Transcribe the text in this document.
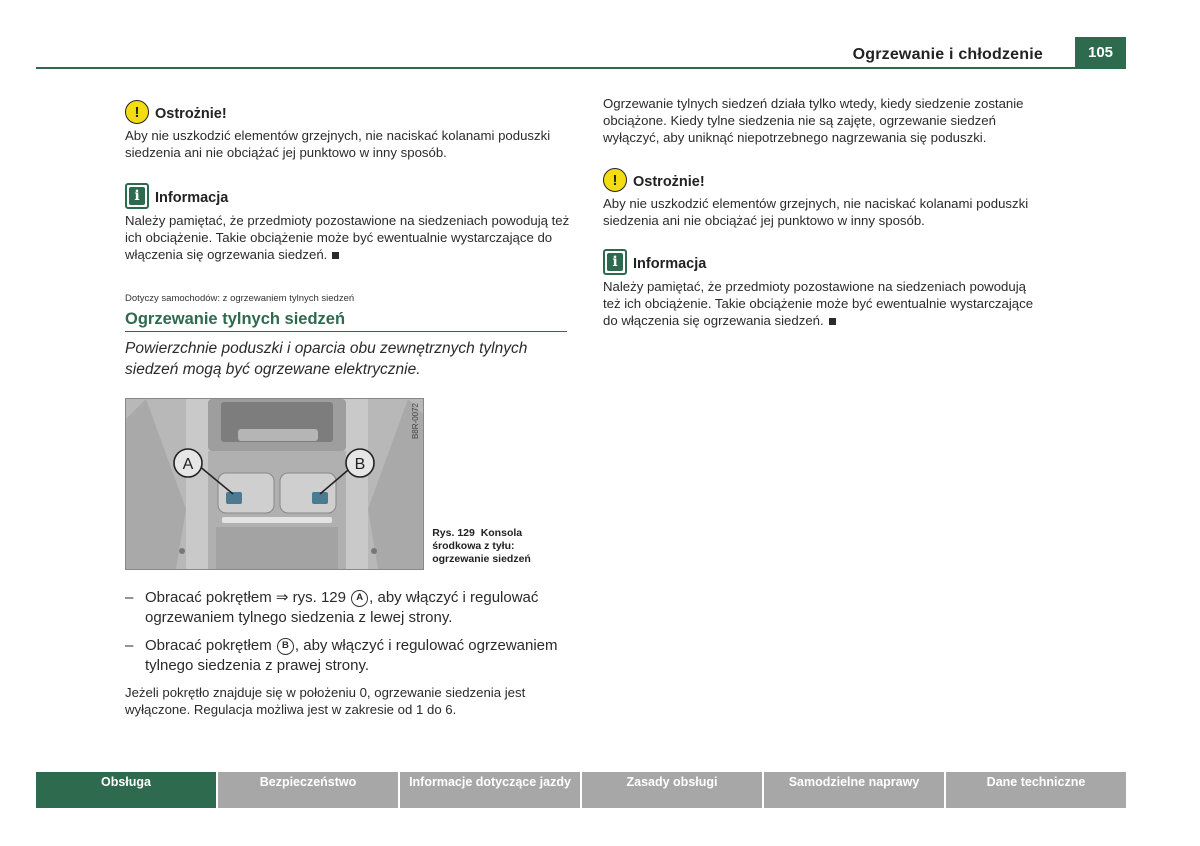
Ogrzewanie i chłodzenie	105
!	Ostrożnie!
Aby nie uszkodzić elementów grzejnych, nie naciskać kolanami poduszki siedzenia ani nie obciążać jej punktowo w inny sposób.
i	Informacja
Należy pamiętać, że przedmioty pozostawione na siedzeniach powodują też ich obciążenie. Takie obciążenie może być ewentualnie wystarczające do włączenia się ogrzewania siedzeń.
Dotyczy samochodów: z ogrzewaniem tylnych siedzeń
Ogrzewanie tylnych siedzeń
Powierzchnie poduszki i oparcia obu zewnętrznych tylnych siedzeń mogą być ogrzewane elektrycznie.
A	B
B8R-0072
Rys. 129 Konsola środkowa z tyłu: ogrzewanie siedzeń
– Obracać pokrętłem ⇒ rys. 129 A , aby włączyć i regulować ogrzewaniem tylnego siedzenia z lewej strony.
– Obracać pokrętłem B , aby włączyć i regulować ogrzewaniem tylnego siedzenia z prawej strony.
Jeżeli pokrętło znajduje się w położeniu 0, ogrzewanie siedzenia jest wyłączone. Regulacja możliwa jest w zakresie od 1 do 6.
Ogrzewanie tylnych siedzeń działa tylko wtedy, kiedy siedzenie zostanie obciążone. Kiedy tylne siedzenia nie są zajęte, ogrzewanie siedzeń wyłączyć, aby uniknąć niepotrzebnego nagrzewania się poduszki.
!	Ostrożnie!
Aby nie uszkodzić elementów grzejnych, nie naciskać kolanami poduszki siedzenia ani nie obciążać jej punktowo w inny sposób.
i	Informacja
Należy pamiętać, że przedmioty pozostawione na siedzeniach powodują też ich obciążenie. Takie obciążenie może być ewentualnie wystarczające do włączenia się ogrzewania siedzeń.
Obsługa	Bezpieczeństwo	Informacje dotyczące jazdy	Zasady obsługi	Samodzielne naprawy	Dane techniczne
